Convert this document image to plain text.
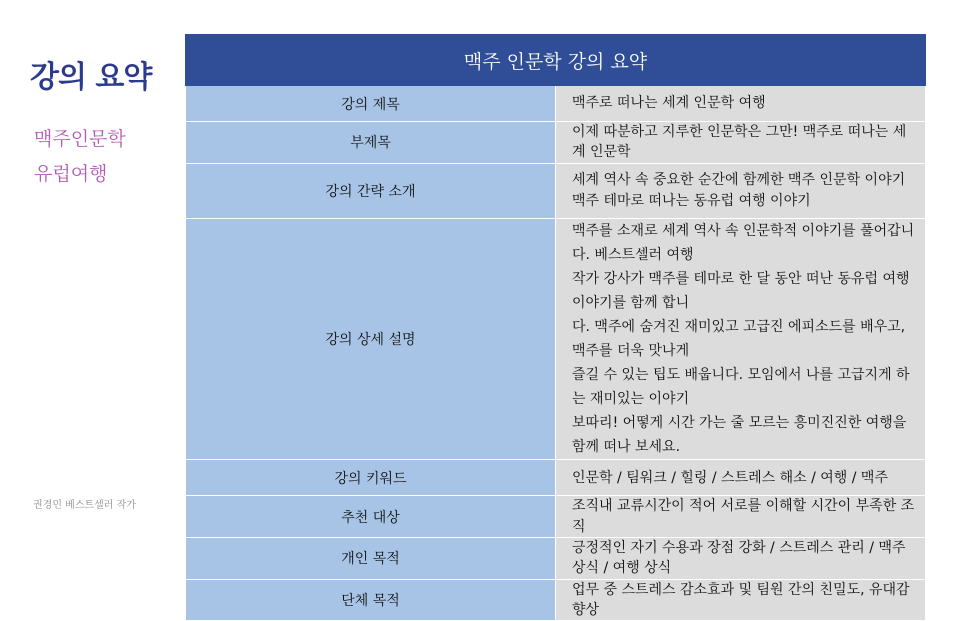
강의 요약
맥주인문학
유럽여행
권경민 베스트셀러 작가
맥주 인문학 강의 요약	
강의 제목	맥주로 떠나는 세계 인문학 여행

부제목	이제 따분하고 지루한 인문학은 그만! 맥주로 떠나는 세계 인문학

강의 간략 소개	세계 역사 속 중요한 순간에 함께한 맥주 인문학 이야기
맥주 테마로 떠나는 동유럽 여행 이야기

강의 상세 설명	맥주를 소재로 세계 역사 속 인문학적 이야기를 풀어갑니다. 베스트셀러 여행
작가 강사가 맥주를 테마로 한 달 동안 떠난 동유럽 여행 이야기를 함께 합니
다. 맥주에 숨겨진 재미있고 고급진 에피소드를 배우고, 맥주를 더욱 맛나게
즐길 수 있는 팁도 배웁니다. 모임에서 나를 고급지게 하는 재미있는 이야기
보따리! 어떻게 시간 가는 줄 모르는 흥미진진한 여행을 함께 떠나 보세요.

강의 키워드	인문학 / 팀워크 / 힐링 / 스트레스 해소 / 여행 / 맥주

추천 대상	조직내 교류시간이 적어 서로를 이해할 시간이 부족한 조직

개인 목적	긍정적인 자기 수용과 장점 강화 / 스트레스 관리 / 맥주 상식 / 여행 상식

단체 목적	업무 중 스트레스 감소효과 및 팀원 간의 친밀도, 유대감 향상
